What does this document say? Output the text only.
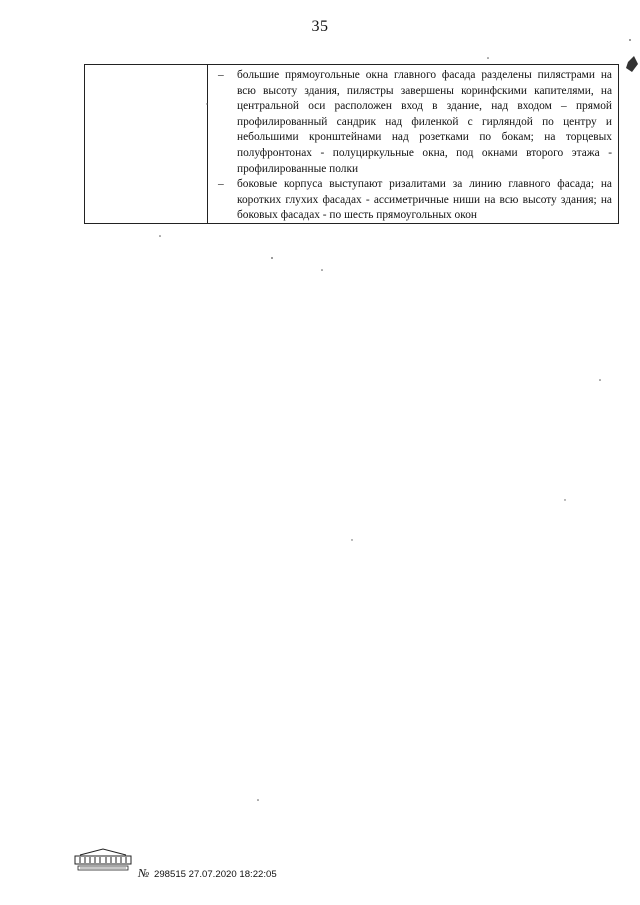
35
–	большие прямоугольные окна главного фасада разделены пилястрами на всю высоту здания, пилястры завершены коринфскими капителями, на центральной оси расположен вход в здание, над входом – прямой профилированный сандрик над филенкой с гирляндой по центру и небольшими кронштейнами над розетками по бокам; на торцевых полуфронтонах - полуциркульные окна, под окнами второго этажа - профилированные полки
–	боковые корпуса выступают ризалитами за линию главного фасада; на коротких глухих фасадах - ассиметричные ниши на всю высоту здания; на боковых фасадах - по шесть прямоугольных окон
№ 298515 27.07.2020 18:22:05
